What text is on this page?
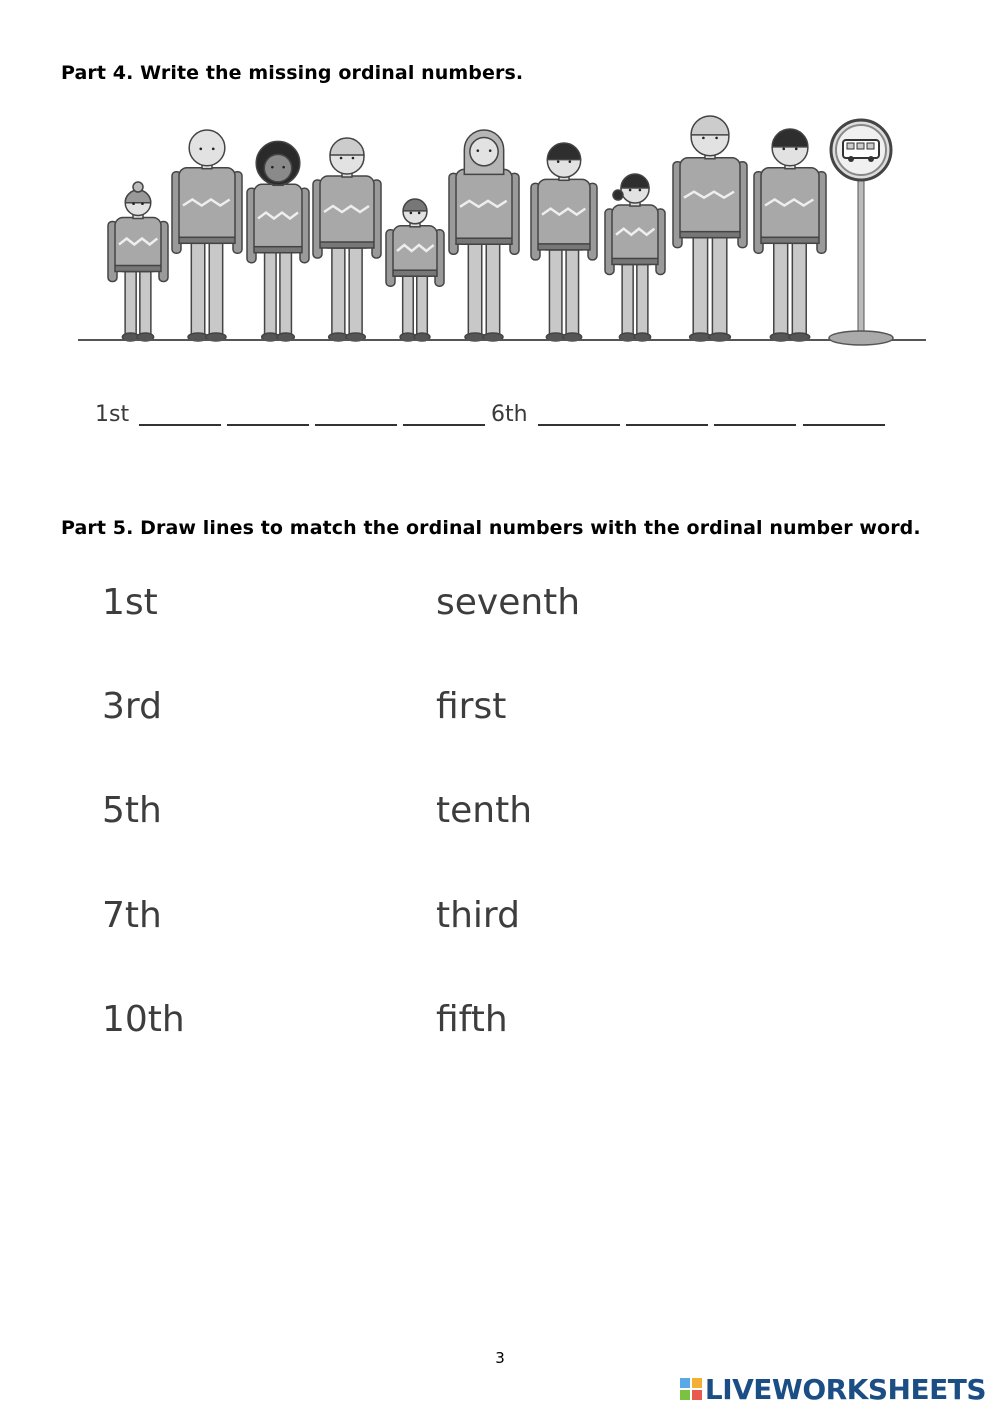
Part 4. Write the missing ordinal numbers.
1st	6th
Part 5. Draw lines to match the ordinal numbers with the ordinal number word.
1st
3rd
5th
7th
10th
seventh
first
tenth
third
fifth
3
LIVEWORKSHEETS
